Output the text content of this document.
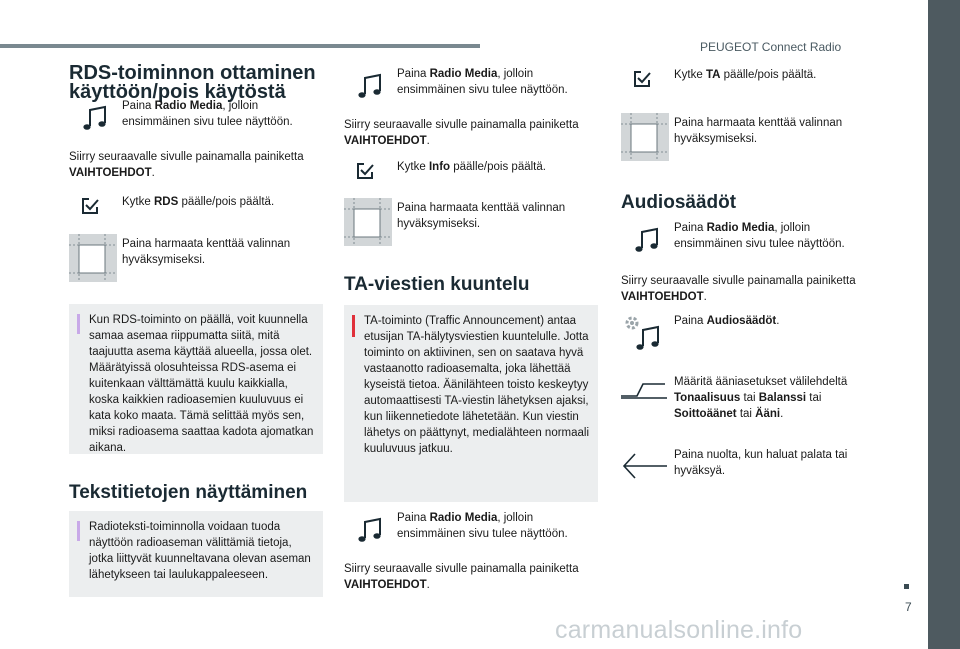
PEUGEOT Connect Radio
7
carmanualsonline.info
RDS-toiminnon ottaminen käyttöön/pois käytöstä
Paina Radio Media, jolloin ensimmäinen sivu tulee näyttöön.
Siirry seuraavalle sivulle painamalla painiketta VAIHTOEHDOT.
Kytke RDS päälle/pois päältä.
Paina harmaata kenttää valinnan hyväksymiseksi.
Kun RDS-toiminto on päällä, voit kuunnella samaa asemaa riippumatta siitä, mitä taajuutta asema käyttää alueella, jossa olet. Määrätyissä olosuhteissa RDS-asema ei kuitenkaan välttämättä kuulu kaikkialla, koska kaikkien radioasemien kuuluvuus ei kata koko maata. Tämä selittää myös sen, miksi radioasema saattaa kadota ajomatkan aikana.
Tekstitietojen näyttäminen
Radioteksti-toiminnolla voidaan tuoda näyttöön radioaseman välittämiä tietoja, jotka liittyvät kuunneltavana olevan aseman lähetykseen tai laulukappaleeseen.
Paina Radio Media, jolloin ensimmäinen sivu tulee näyttöön.
Siirry seuraavalle sivulle painamalla painiketta VAIHTOEHDOT.
Kytke Info päälle/pois päältä.
Paina harmaata kenttää valinnan hyväksymiseksi.
TA-viestien kuuntelu
TA-toiminto (Traffic Announcement) antaa etusijan TA-hälytysviestien kuuntelulle. Jotta toiminto on aktiivinen, sen on saatava hyvä vastaanotto radioasemalta, joka lähettää kyseistä tietoa. Äänilähteen toisto keskeytyy automaattisesti TA-viestin lähetyksen ajaksi, kun liikennetiedote lähetetään. Kun viestin lähetys on päättynyt, medialähteen normaali kuuluvuus jatkuu.
Paina Radio Media, jolloin ensimmäinen sivu tulee näyttöön.
Siirry seuraavalle sivulle painamalla painiketta VAIHTOEHDOT.
Kytke TA päälle/pois päältä.
Paina harmaata kenttää valinnan hyväksymiseksi.
Audiosäädöt
Paina Radio Media, jolloin ensimmäinen sivu tulee näyttöön.
Siirry seuraavalle sivulle painamalla painiketta VAIHTOEHDOT.
Paina Audiosäädöt.
Määritä ääniasetukset välilehdeltä Tonaalisuus tai Balanssi tai Soittoäänet tai Ääni.
Paina nuolta, kun haluat palata tai hyväksyä.
